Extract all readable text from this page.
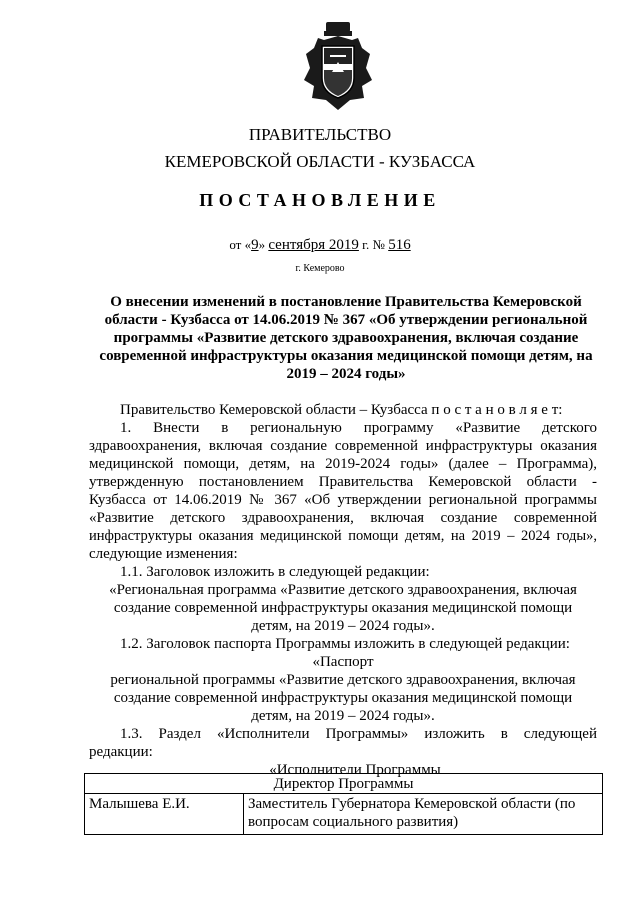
ПРАВИТЕЛЬСТВО
КЕМЕРОВСКОЙ ОБЛАСТИ - КУЗБАССА
ПОСТАНОВЛЕНИЕ
от «9» сентября 2019 г. № 516
г. Кемерово
О внесении изменений в постановление Правительства Кемеровской
области - Кузбасса от 14.06.2019 № 367 «Об утверждении региональной
программы «Развитие детского здравоохранения, включая создание
современной инфраструктуры оказания медицинской помощи детям, на
2019 – 2024 годы»
Правительство Кемеровской области – Кузбасса п о с т а н о в л я е т:
1. Внести в региональную программу «Развитие детского
здравоохранения, включая создание современной инфраструктуры оказания
медицинской помощи, детям, на 2019-2024 годы» (далее – Программа),
утвержденную постановлением Правительства Кемеровской области -
Кузбасса от 14.06.2019 № 367 «Об утверждении региональной программы
«Развитие детского здравоохранения, включая создание современной
инфраструктуры оказания медицинской помощи детям, на 2019 – 2024 годы»,
следующие изменения:
1.1. Заголовок изложить в следующей редакции:
«Региональная программа «Развитие детского здравоохранения, включая
создание современной инфраструктуры оказания медицинской помощи
детям, на 2019 – 2024 годы».
1.2. Заголовок паспорта Программы изложить в следующей редакции:
«Паспорт
региональной программы «Развитие детского здравоохранения, включая
создание современной инфраструктуры оказания медицинской помощи
детям, на 2019 – 2024 годы».
1.3. Раздел «Исполнители Программы» изложить в следующей
редакции:
«Исполнители Программы
Директор Программы
Малышева Е.И.	Заместитель Губернатора Кемеровской области (по вопросам социального развития)
